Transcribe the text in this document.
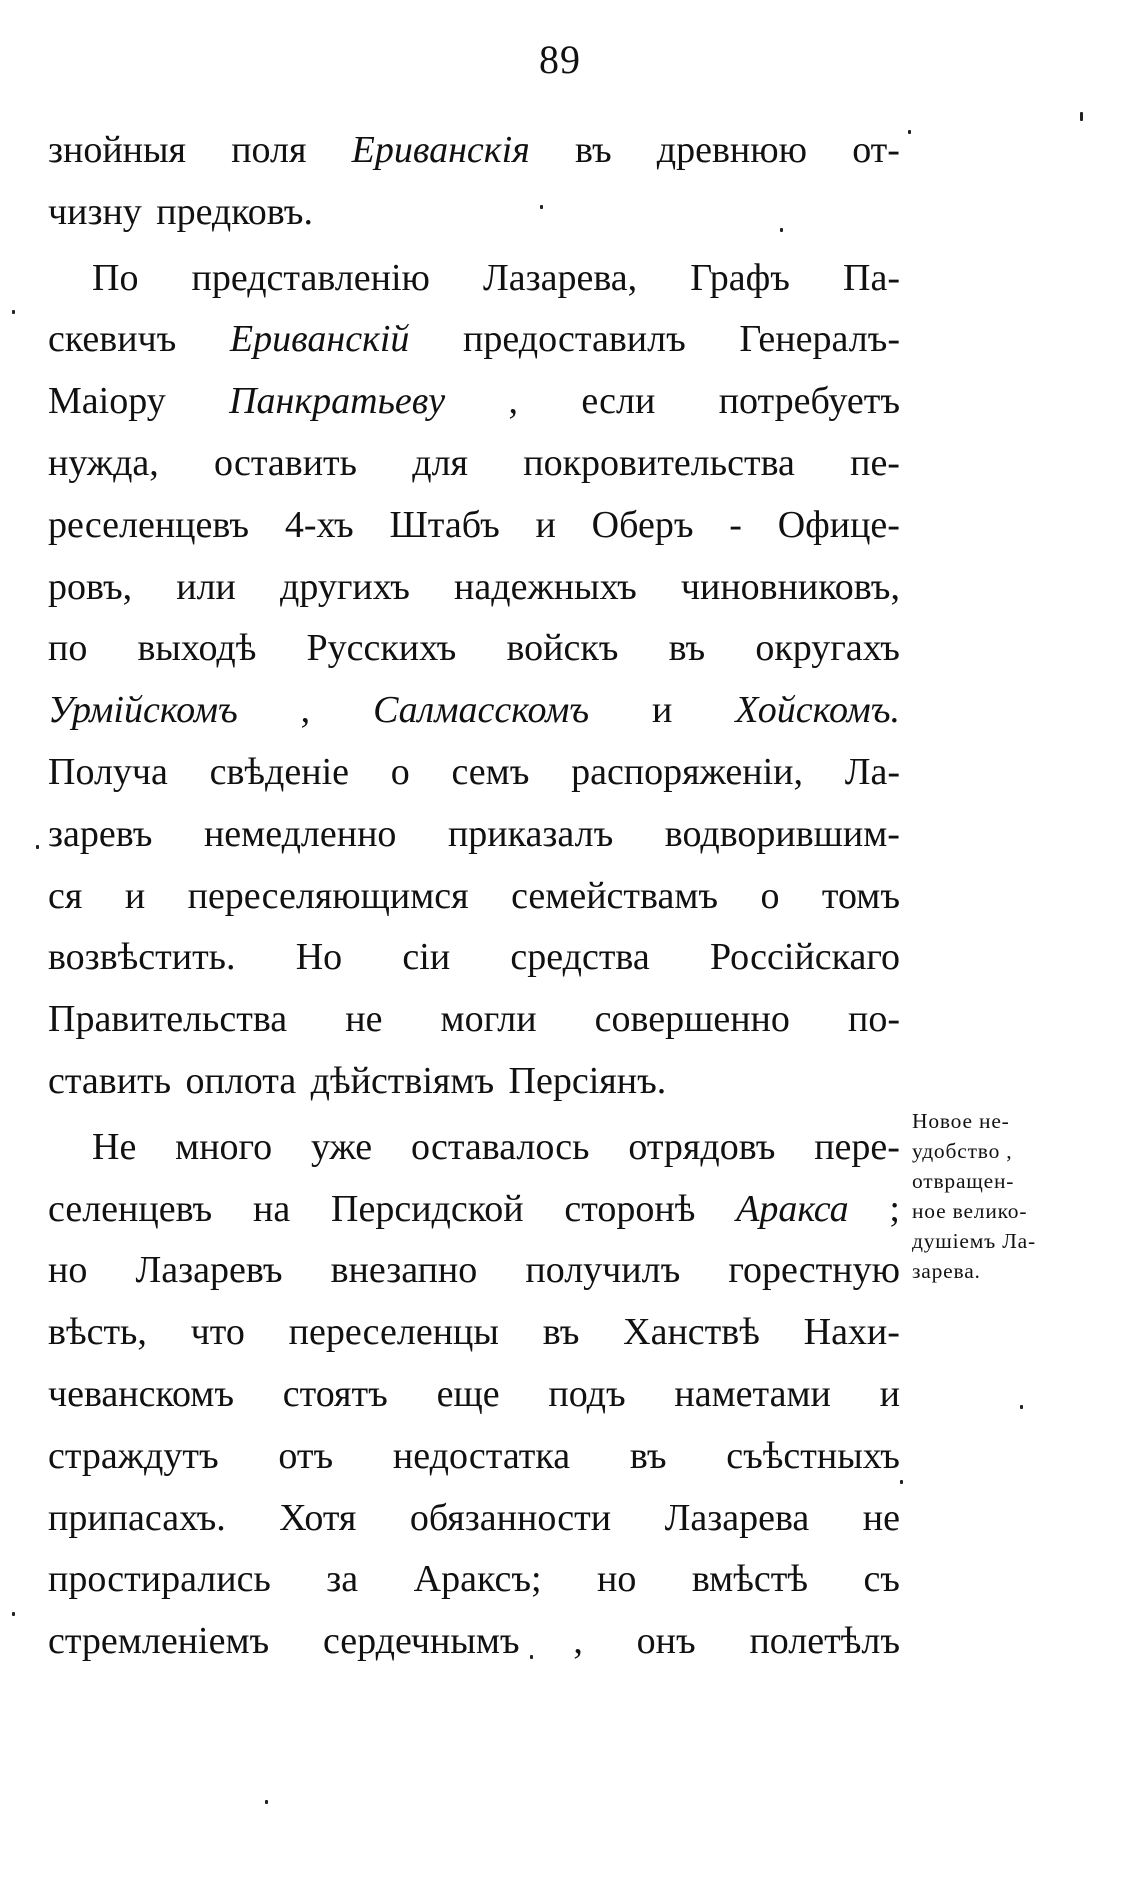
89
знойныя поля Ериванскія въ древнюю от-
чизну предковъ.
По представленію Лазарева, Графъ Па-
скевичъ Ериванскій предоставилъ Генералъ-
Маіору Панкратьеву , если потребуетъ
нужда, оставить для покровительства пе-
реселенцевъ 4-хъ Штабъ и Оберъ - Офице-
ровъ, или другихъ надежныхъ чиновниковъ,
по выходѣ Русскихъ войскъ въ округахъ
Урмійскомъ , Салмасскомъ и Хойскомъ.
Получа свѣденіе о семъ распоряженіи, Ла-
заревъ немедленно приказалъ водворившим-
ся и переселяющимся семействамъ о томъ
возвѣстить. Но сіи средства Россійскаго
Правительства не могли совершенно по-
ставить оплота дѣйствіямъ Персіянъ.
Не много уже оставалось отрядовъ пере-
селенцевъ на Персидской сторонѣ Аракса ;
но Лазаревъ внезапно получилъ горестную
вѣсть, что переселенцы въ Ханствѣ Нахи-
чеванскомъ стоятъ еще подъ наметами и
страждутъ отъ недостатка въ съѣстныхъ
припасахъ. Хотя обязанности Лазарева не
простирались за Араксъ; но вмѣстѣ съ
стремленіемъ сердечнымъ , онъ полетѣлъ
Новое не-
удобство ,
отвращен-
ное велико-
душіемъ Ла-
зарева.
